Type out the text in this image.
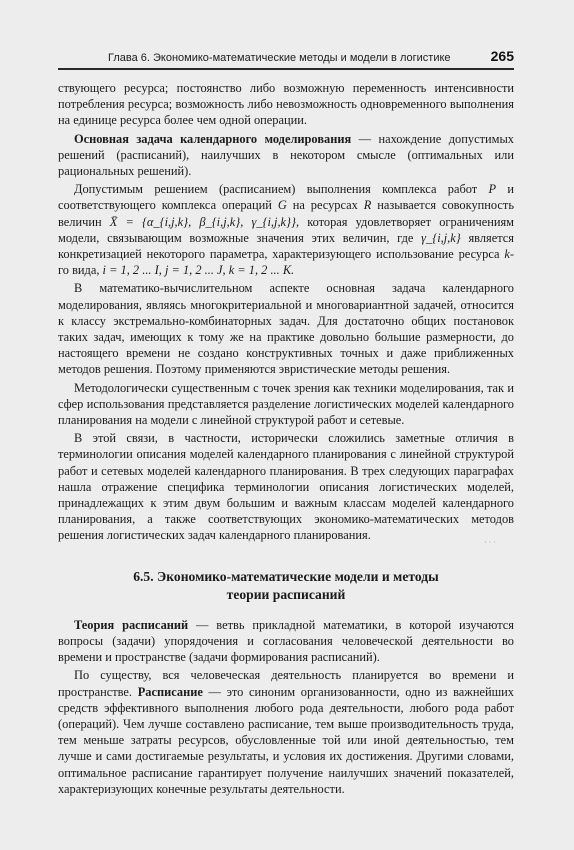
Глава 6. Экономико-математические методы и модели в логистике	265

ствующего ресурса; постоянство либо возможную переменность интенсивности потребления ресурса; возможность либо невозможность одновременного выполнения на единице ресурса более чем одной операции.

Основная задача календарного моделирования — нахождение допустимых решений (расписаний), наилучших в некотором смысле (оптимальных или рациональных решений).

Допустимым решением (расписанием) выполнения комплекса работ P и соответствующего комплекса операций G на ресурсах R называется совокупность величин X̄ = {α_{i,j,k}, β_{i,j,k}, γ_{i,j,k}}, которая удовлетворяет ограничениям модели, связывающим возможные значения этих величин, где γ_{i,j,k} является конкретизацией некоторого параметра, характеризующего использование ресурса k-го вида, i = 1, 2 ... I, j = 1, 2 ... J, k = 1, 2 ... K.

В математико-вычислительном аспекте основная задача календарного моделирования, являясь многокритериальной и многовариантной задачей, относится к классу экстремально-комбинаторных задач. Для достаточно общих постановок таких задач, имеющих к тому же на практике довольно большие размерности, до настоящего времени не создано конструктивных точных и даже приближенных методов решения. Поэтому применяются эвристические методы решения.

Методологически существенным с точек зрения как техники моделирования, так и сфер использования представляется разделение логистических моделей календарного планирования на модели с линейной структурой работ и сетевые.

В этой связи, в частности, исторически сложились заметные отличия в терминологии описания моделей календарного планирования с линейной структурой работ и сетевых моделей календарного планирования. В трех следующих параграфах нашла отражение специфика терминологии описания логистических моделей, принадлежащих к этим двум большим и важным классам моделей календарного планирования, а также соответствующих экономико-математических методов решения логистических задач календарного планирования.

6.5. Экономико-математические модели и методы
теории расписаний

Теория расписаний — ветвь прикладной математики, в которой изучаются вопросы (задачи) упорядочения и согласования человеческой деятельности во времени и пространстве (задачи формирования расписаний).

По существу, вся человеческая деятельность планируется во времени и пространстве. Расписание — это синоним организованности, одно из важнейших средств эффективного выполнения любого рода деятельности, любого рода работ (операций). Чем лучше составлено расписание, тем выше производительность труда, тем меньше затраты ресурсов, обусловленные той или иной деятельностью, тем лучше и сами достигаемые результаты, и условия их достижения. Другими словами, оптимальное расписание гарантирует получение наилучших значений показателей, характеризующих конечные результаты деятельности.

· · ·
